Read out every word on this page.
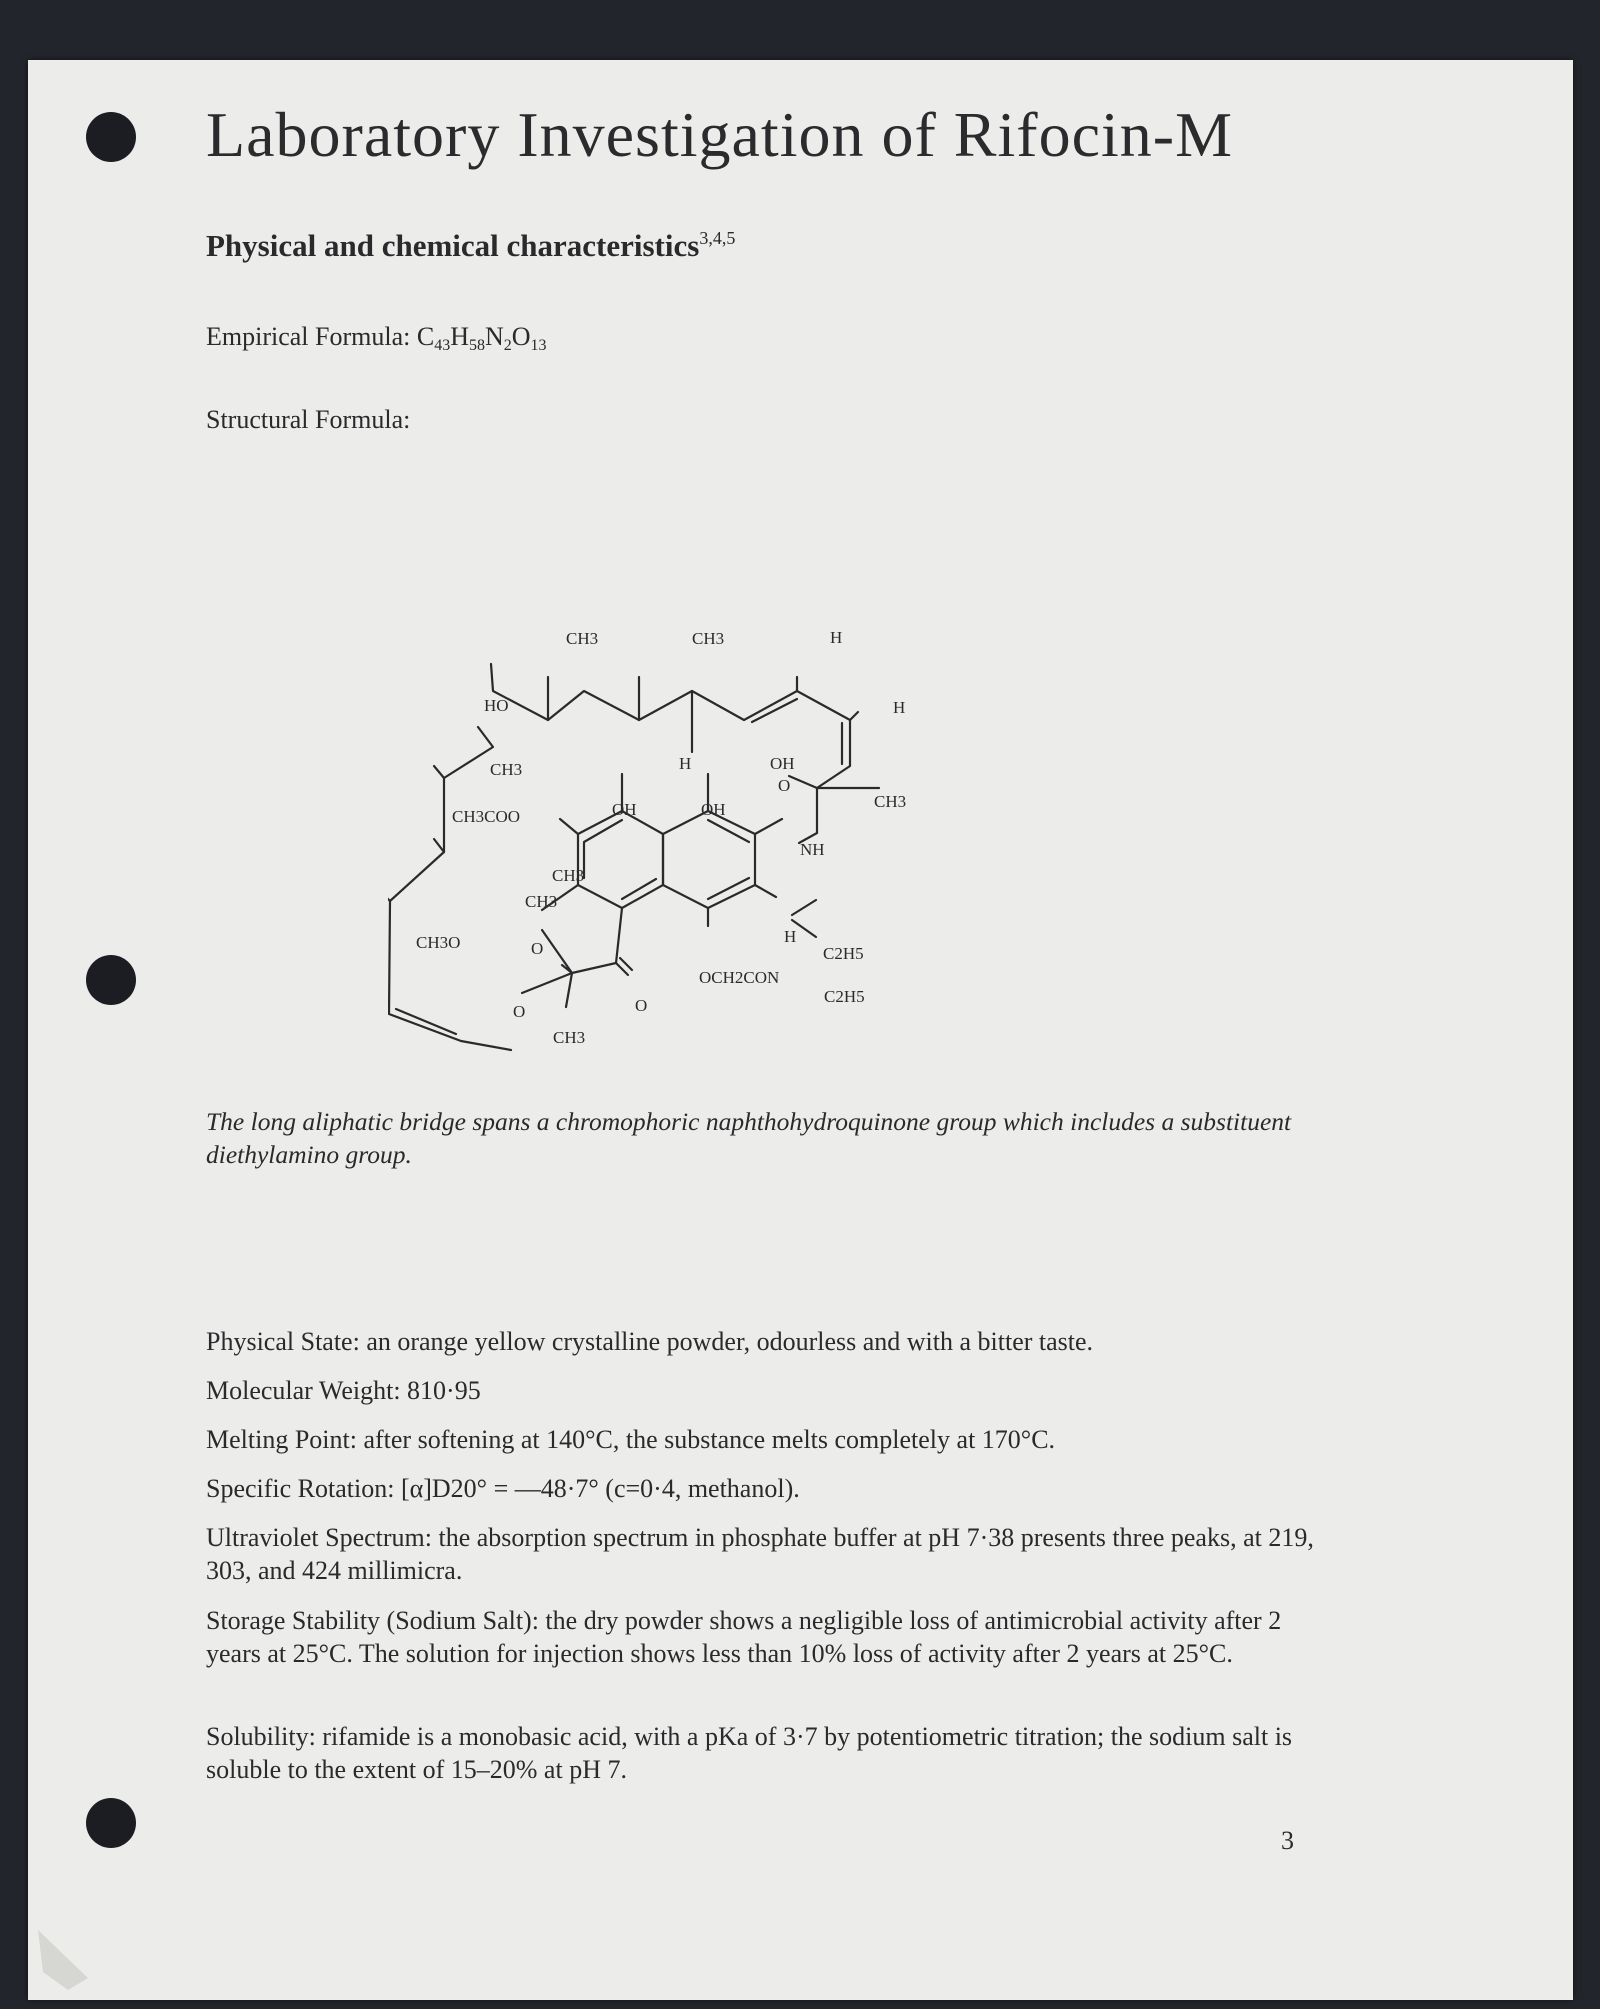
Laboratory Investigation of Rifocin-M
Physical and chemical characteristics$^{3,4,5}$

Empirical Formula: $C_{43}H_{58}N_2O_{13}$

Structural Formula:

CH3	CH3	H
HO	H
CH3	OH
H
O
CH3
CH3COO	OH	OH
CH3
NH
CH3
CH3O	H
O	C2H5
OCH2CON
C2H5
O	O
CH3

The long aliphatic bridge spans a chromophoric naphthohydroquinone group which includes a substituent diethylamino group.

Physical State: an orange yellow crystalline powder, odourless and with a bitter taste.

Molecular Weight: 810·95

Melting Point: after softening at 140°C, the substance melts completely at 170°C.

Specific Rotation: [α]D20° = —48·7° (c=0·4, methanol).

Ultraviolet Spectrum: the absorption spectrum in phosphate buffer at pH 7·38 presents three peaks, at 219, 303, and 424 millimicra.

Storage Stability (Sodium Salt): the dry powder shows a negligible loss of antimicrobial activity after 2 years at 25°C. The solution for injection shows less than 10% loss of activity after 2 years at 25°C.

Solubility: rifamide is a monobasic acid, with a pKa of 3·7 by potentiometric titration; the sodium salt is soluble to the extent of 15–20% at pH 7.

3
